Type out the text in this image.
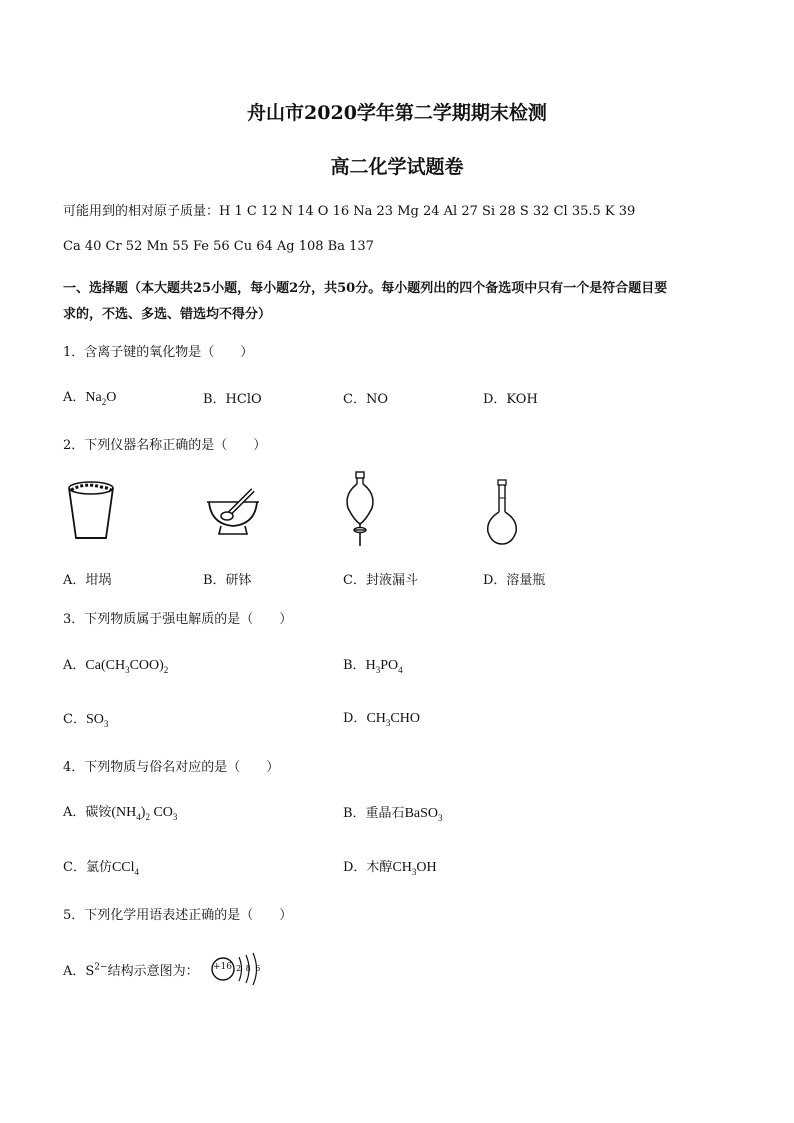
舟山市2020学年第二学期期末检测
高二化学试题卷
可能用到的相对原子质量：H 1 C 12 N 14 O 16 Na 23 Mg 24 Al 27 Si 28 S 32 Cl 35.5 K 39
Ca 40 Cr 52 Mn 55 Fe 56 Cu 64 Ag 108 Ba 137
一、选择题（本大题共25小题，每小题2分，共50分。每小题列出的四个备选项中只有一个是符合题目要
求的，不选、多选、错选均不得分）
1．含离子键的氧化物是（　　）
A．$Na_2O$	B．HClO	C．NO	D．KOH
2．下列仪器名称正确的是（　　）
A．坩埚	B．研钵	C．封液漏斗	D．溶量瓶
3．下列物质属于强电解质的是（　　）
A．$Ca(CH_3COO)_2$	B．$H_3PO_4$
C．$SO_3$	D．$CH_3CHO$
4．下列物质与俗名对应的是（　　）
A．碳铵$(NH_4)_2$ $CO_3$	B．重晶石BaSO$_3$
C．氯仿CCl$_4$	D．木醇$CH_3OH$
5．下列化学用语表述正确的是（　　）
A．$S^{2-}$结构示意图为： +16 2 8 6
